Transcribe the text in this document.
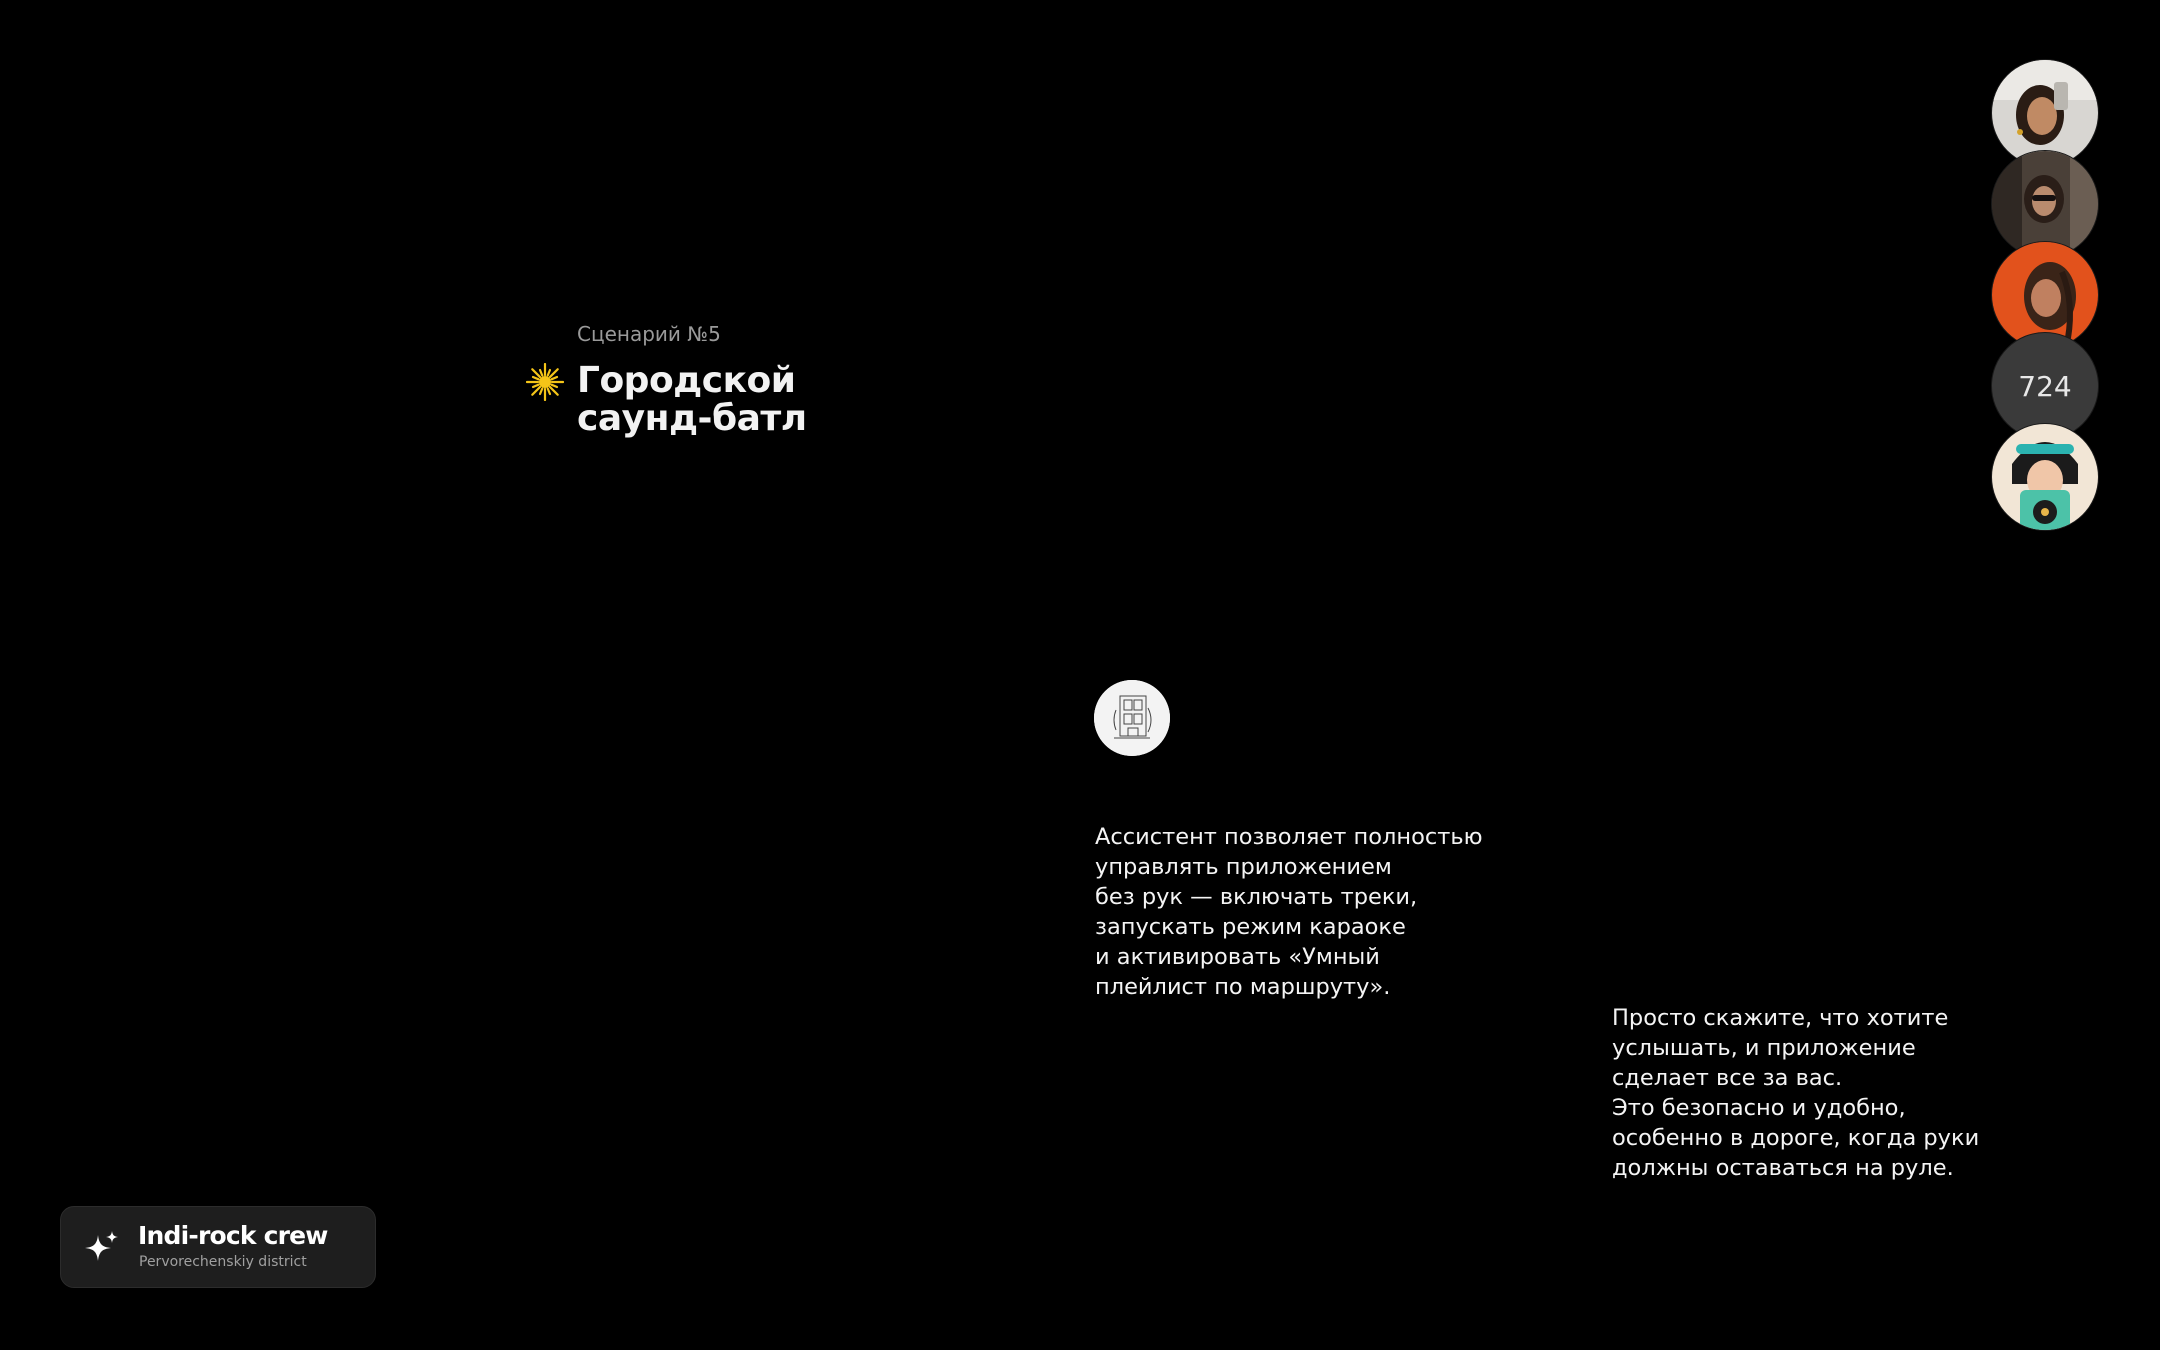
Сценарий №5
Городской
саунд-батл
724
Ассистент позволяет полностью
управлять приложением
без рук — включать треки,
запускать режим караоке
и активировать «Умный
плейлист по маршруту».
Просто скажите, что хотите
услышать, и приложение
сделает все за вас.
Это безопасно и удобно,
особенно в дороге, когда руки
должны оставаться на руле.
Indi-rock crew
Pervorechenskiy district
